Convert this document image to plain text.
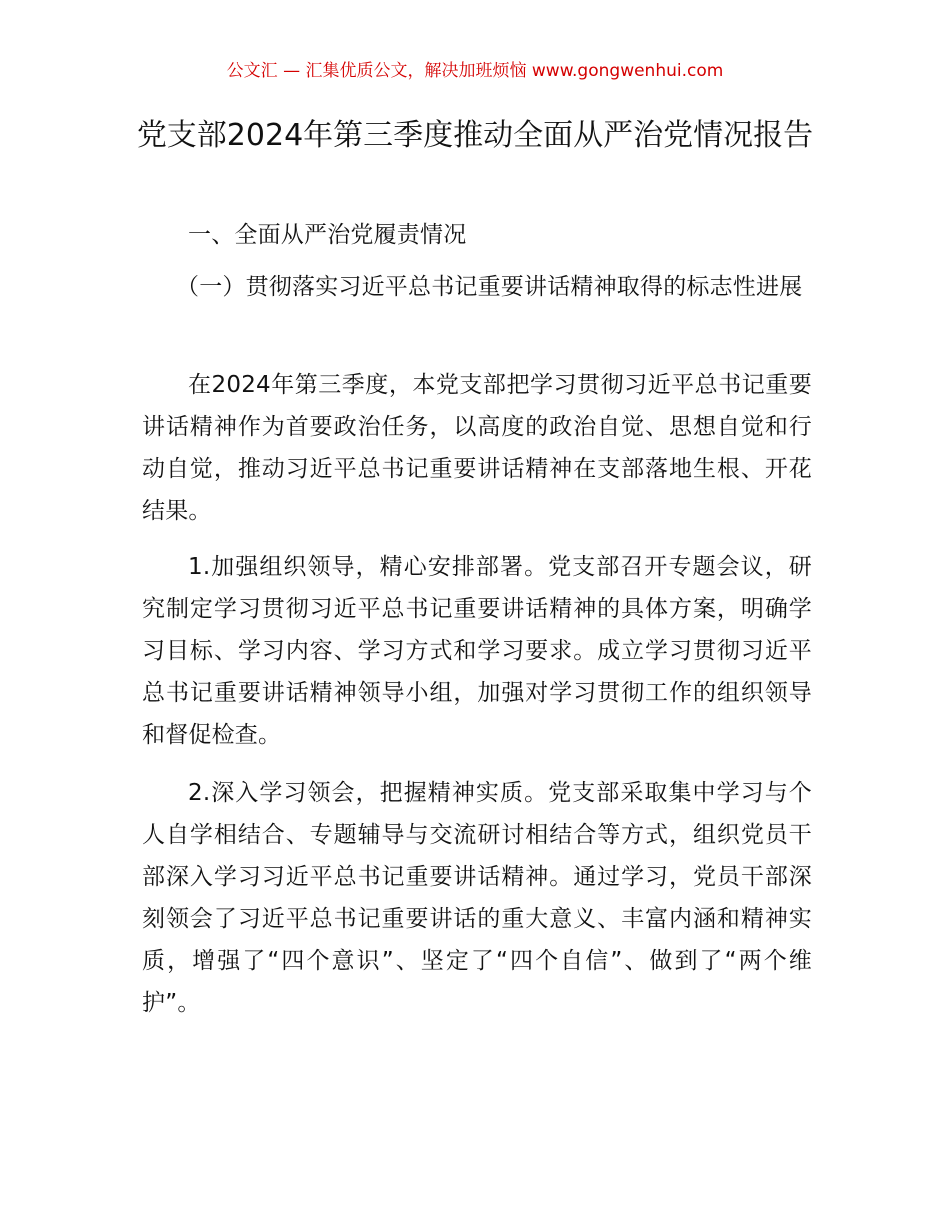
公文汇 — 汇集优质公文，解决加班烦恼 www.gongwenhui.com
党支部2024年第三季度推动全面从严治党情况报告
一、全面从严治党履责情况
（一）贯彻落实习近平总书记重要讲话精神取得的标志性进展
在2024年第三季度，本党支部把学习贯彻习近平总书记重要讲话精神作为首要政治任务，以高度的政治自觉、思想自觉和行动自觉，推动习近平总书记重要讲话精神在支部落地生根、开花结果。
1.加强组织领导，精心安排部署。党支部召开专题会议，研究制定学习贯彻习近平总书记重要讲话精神的具体方案，明确学习目标、学习内容、学习方式和学习要求。成立学习贯彻习近平总书记重要讲话精神领导小组，加强对学习贯彻工作的组织领导和督促检查。
2.深入学习领会，把握精神实质。党支部采取集中学习与个人自学相结合、专题辅导与交流研讨相结合等方式，组织党员干部深入学习习近平总书记重要讲话精神。通过学习，党员干部深刻领会了习近平总书记重要讲话的重大意义、丰富内涵和精神实质，增强了“四个意识”、坚定了“四个自信”、做到了“两个维护”。
